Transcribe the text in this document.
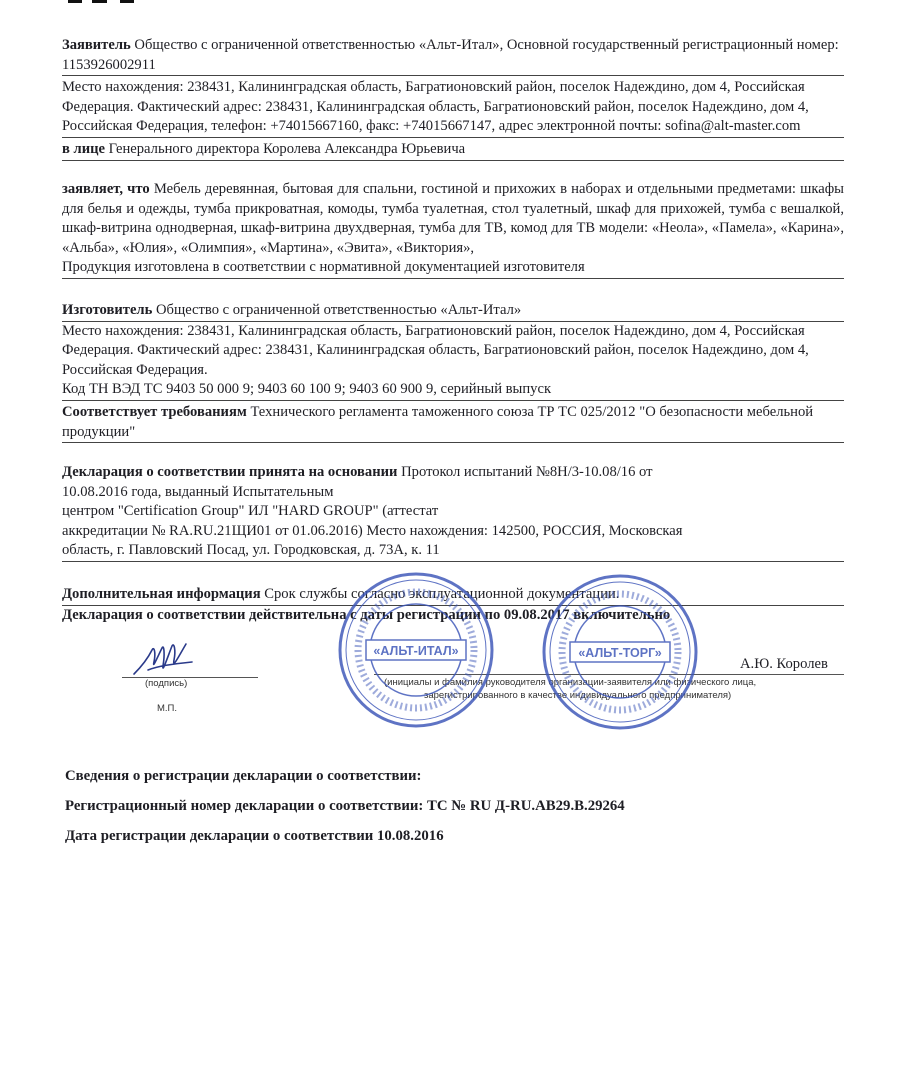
Заявитель Общество с ограниченной ответственностью «Альт-Итал», Основной государственный регистрационный номер: 1153926002911

Место нахождения: 238431, Калининградская область, Багратионовский район, поселок Надеждино, дом 4, Российская Федерация. Фактический адрес: 238431, Калининградская область, Багратионовский район, поселок Надеждино, дом 4, Российская Федерация, телефон: +74015667160, факс: +74015667147, адрес электронной почты: sofina@alt-master.com

в лице Генерального директора Королева Александра Юрьевича

заявляет, что Мебель деревянная, бытовая для спальни, гостиной и прихожих в наборах и отдельными предметами: шкафы для белья и одежды, тумба прикроватная, комоды, тумба туалетная, стол туалетный, шкаф для прихожей, тумба с вешалкой, шкаф-витрина однодверная, шкаф-витрина двухдверная, тумба для ТВ, комод для ТВ модели: «Неола», «Памела», «Карина», «Альба», «Юлия», «Олимпия», «Мартина», «Эвита», «Виктория»,

Продукция изготовлена в соответствии с нормативной документацией изготовителя

Изготовитель Общество с ограниченной ответственностью «Альт-Итал»

Место нахождения: 238431, Калининградская область, Багратионовский район, поселок Надеждино, дом 4, Российская Федерация. Фактический адрес: 238431, Калининградская область, Багратионовский район, поселок Надеждино, дом 4, Российская Федерация.

Код ТН ВЭД ТС 9403 50 000 9; 9403 60 100 9; 9403 60 900 9, серийный выпуск

Соответствует требованиям Технического регламента таможенного союза ТР ТС 025/2012 "О безопасности мебельной продукции"

Декларация о соответствии принята на основании Протокол испытаний №8Н/3-10.08/16 от

10.08.2016 года, выданный Испытательным

центром "Certification Group" ИЛ "HARD GROUP" (аттестат

аккредитации № RA.RU.21ЩИ01 от 01.06.2016) Место нахождения: 142500, РОССИЯ, Московская

область, г. Павловский Посад, ул. Городковская, д. 73А, к. 11

Дополнительная информация Срок службы согласно эксплуатационной документации.

Декларация о соответствии действительна с даты регистрации по 09.08.2017 включительно

(подпись)
М.П.
А.Ю. Королев
(инициалы и фамилия руководителя организации-заявителя или физического лица,
зарегистрированного в качестве индивидуального предпринимателя)
«АЛЬТ-ИТАЛ»	«АЛЬТ-ТОРГ»
Сведения о регистрации декларации о соответствии:
Регистрационный номер декларации о соответствии: ТС № RU Д-RU.АВ29.В.29264
Дата регистрации декларации о соответствии 10.08.2016
